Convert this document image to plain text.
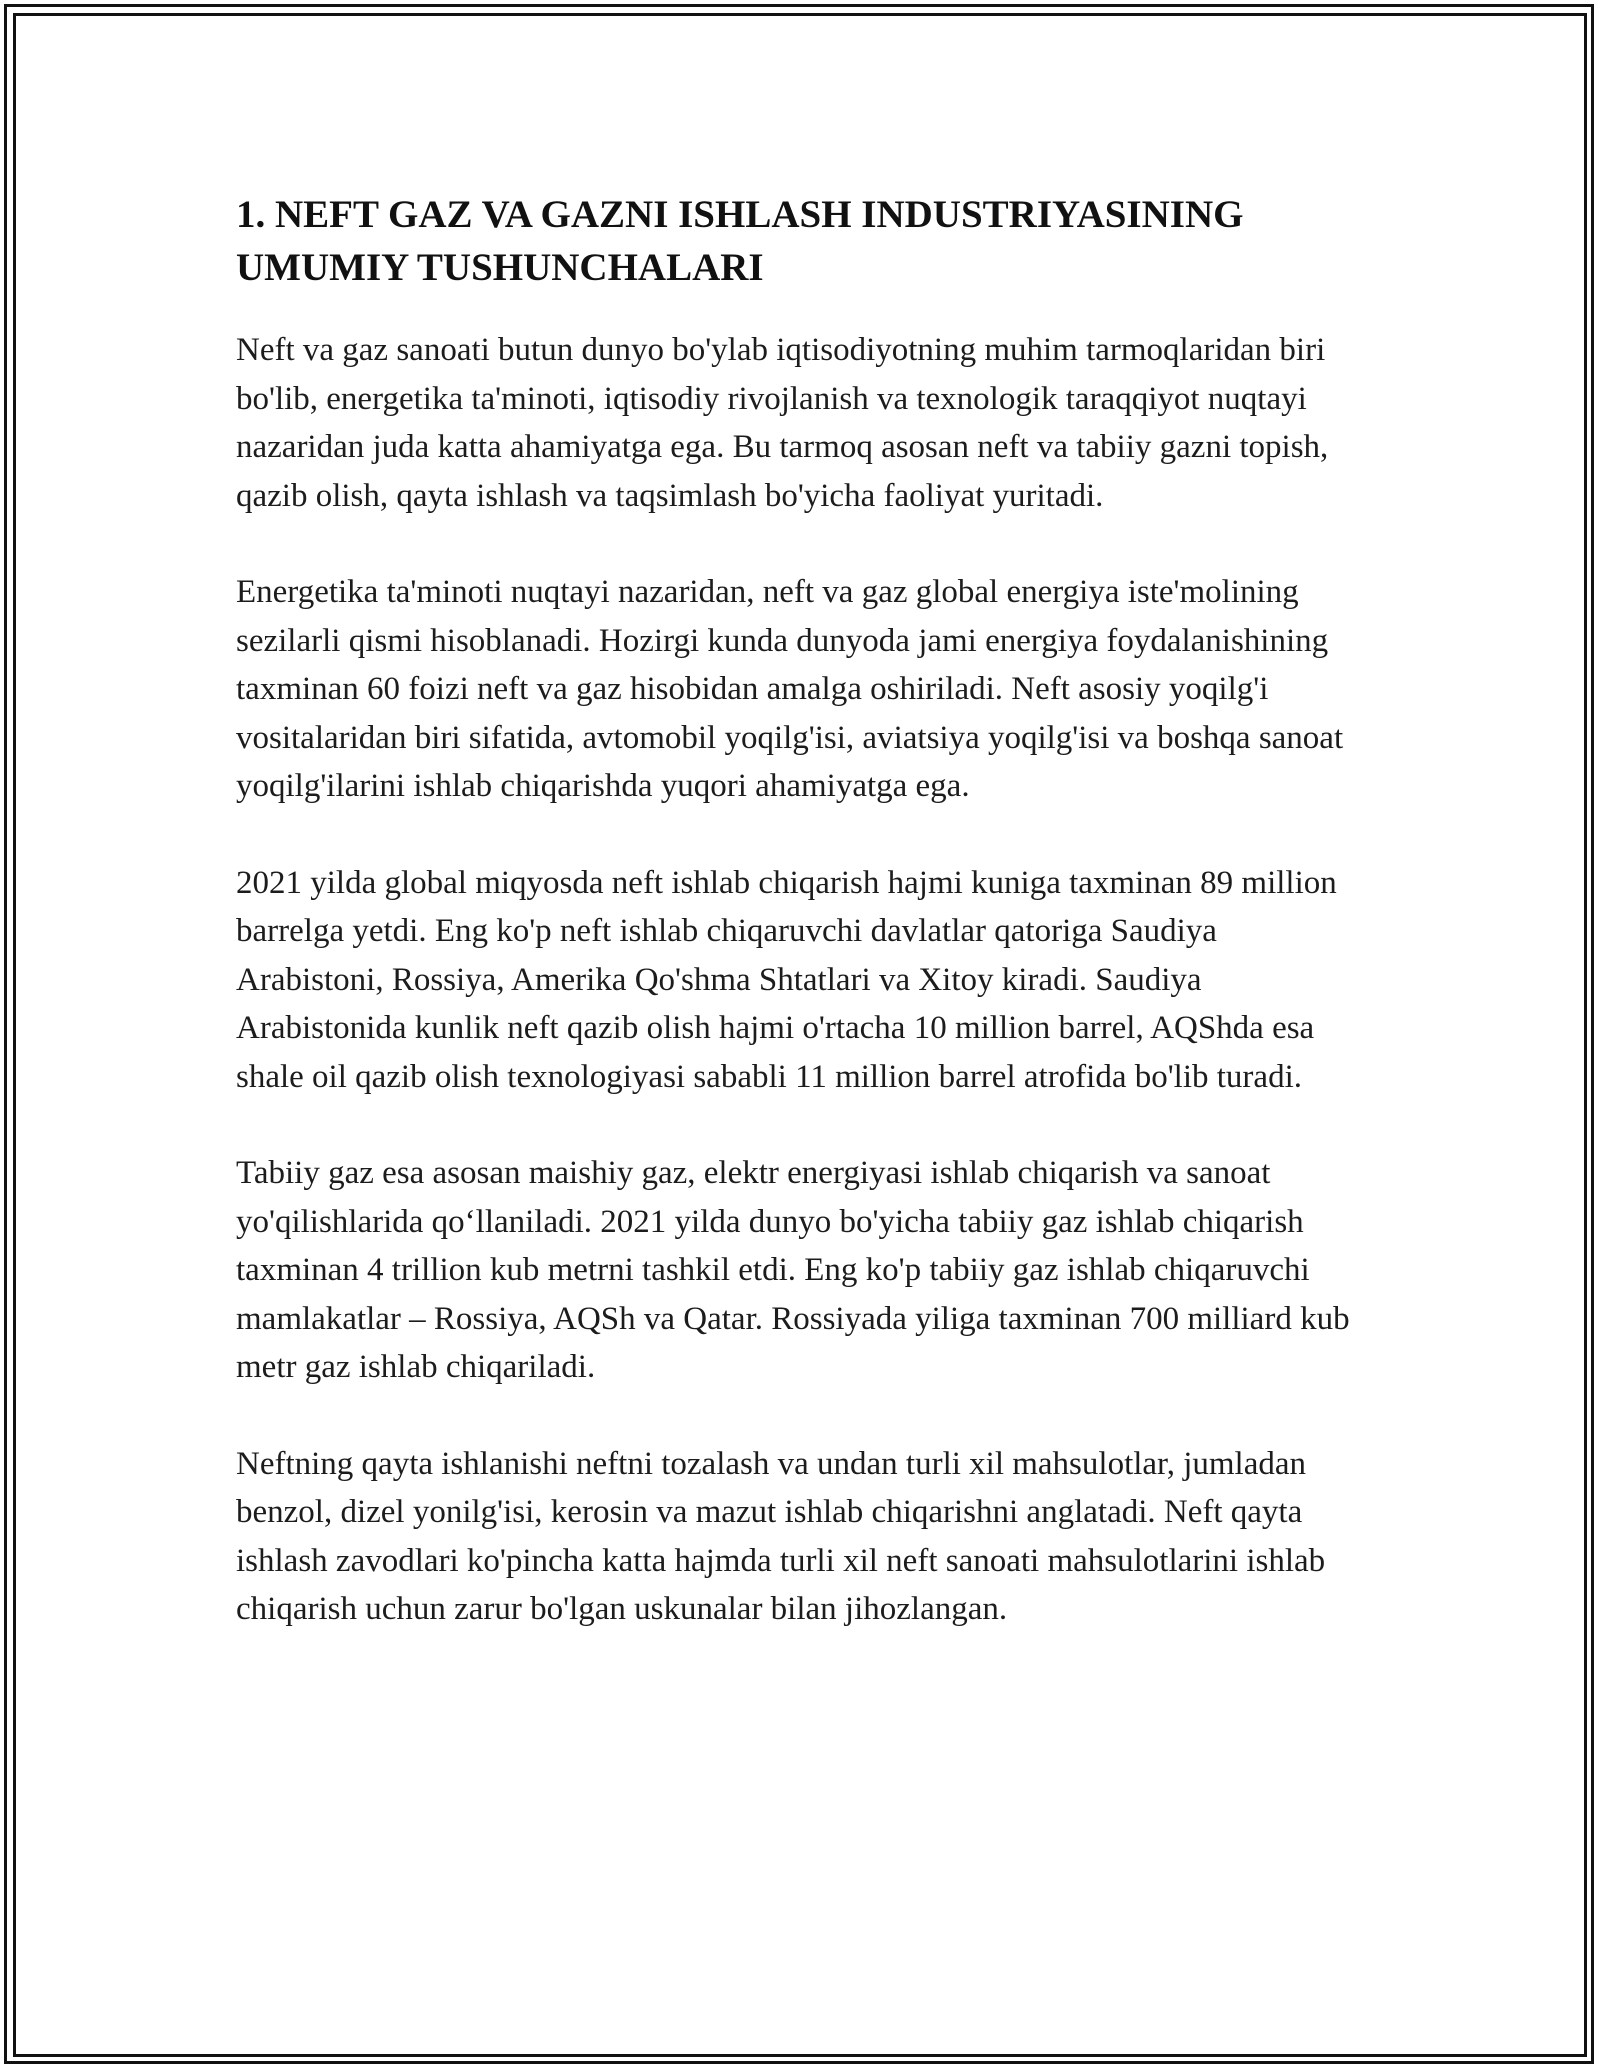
1. NEFT GAZ VA GAZNI ISHLASH INDUSTRIYASINING
UMUMIY TUSHUNCHALARI

Neft va gaz sanoati butun dunyo bo'ylab iqtisodiyotning muhim tarmoqlaridan biri bo'lib, energetika ta'minoti, iqtisodiy rivojlanish va texnologik taraqqiyot nuqtayi nazaridan juda katta ahamiyatga ega. Bu tarmoq asosan neft va tabiiy gazni topish, qazib olish, qayta ishlash va taqsimlash bo'yicha faoliyat yuritadi.

Energetika ta'minoti nuqtayi nazaridan, neft va gaz global energiya iste'molining sezilarli qismi hisoblanadi. Hozirgi kunda dunyoda jami energiya foydalanishining taxminan 60 foizi neft va gaz hisobidan amalga oshiriladi. Neft asosiy yoqilg'i vositalaridan biri sifatida, avtomobil yoqilg'isi, aviatsiya yoqilg'isi va boshqa sanoat yoqilg'ilarini ishlab chiqarishda yuqori ahamiyatga ega.

2021 yilda global miqyosda neft ishlab chiqarish hajmi kuniga taxminan 89 million barrelga yetdi. Eng ko'p neft ishlab chiqaruvchi davlatlar qatoriga Saudiya Arabistoni, Rossiya, Amerika Qo'shma Shtatlari va Xitoy kiradi. Saudiya Arabistonida kunlik neft qazib olish hajmi o'rtacha 10 million barrel, AQShda esa shale oil qazib olish texnologiyasi sababli 11 million barrel atrofida bo'lib turadi.

Tabiiy gaz esa asosan maishiy gaz, elektr energiyasi ishlab chiqarish va sanoat yo'qilishlarida qo‘llaniladi. 2021 yilda dunyo bo'yicha tabiiy gaz ishlab chiqarish taxminan 4 trillion kub metrni tashkil etdi. Eng ko'p tabiiy gaz ishlab chiqaruvchi mamlakatlar – Rossiya, AQSh va Qatar. Rossiyada yiliga taxminan 700 milliard kub metr gaz ishlab chiqariladi.

Neftning qayta ishlanishi neftni tozalash va undan turli xil mahsulotlar, jumladan benzol, dizel yonilg'isi, kerosin va mazut ishlab chiqarishni anglatadi. Neft qayta ishlash zavodlari ko'pincha katta hajmda turli xil neft sanoati mahsulotlarini ishlab chiqarish uchun zarur bo'lgan uskunalar bilan jihozlangan.
